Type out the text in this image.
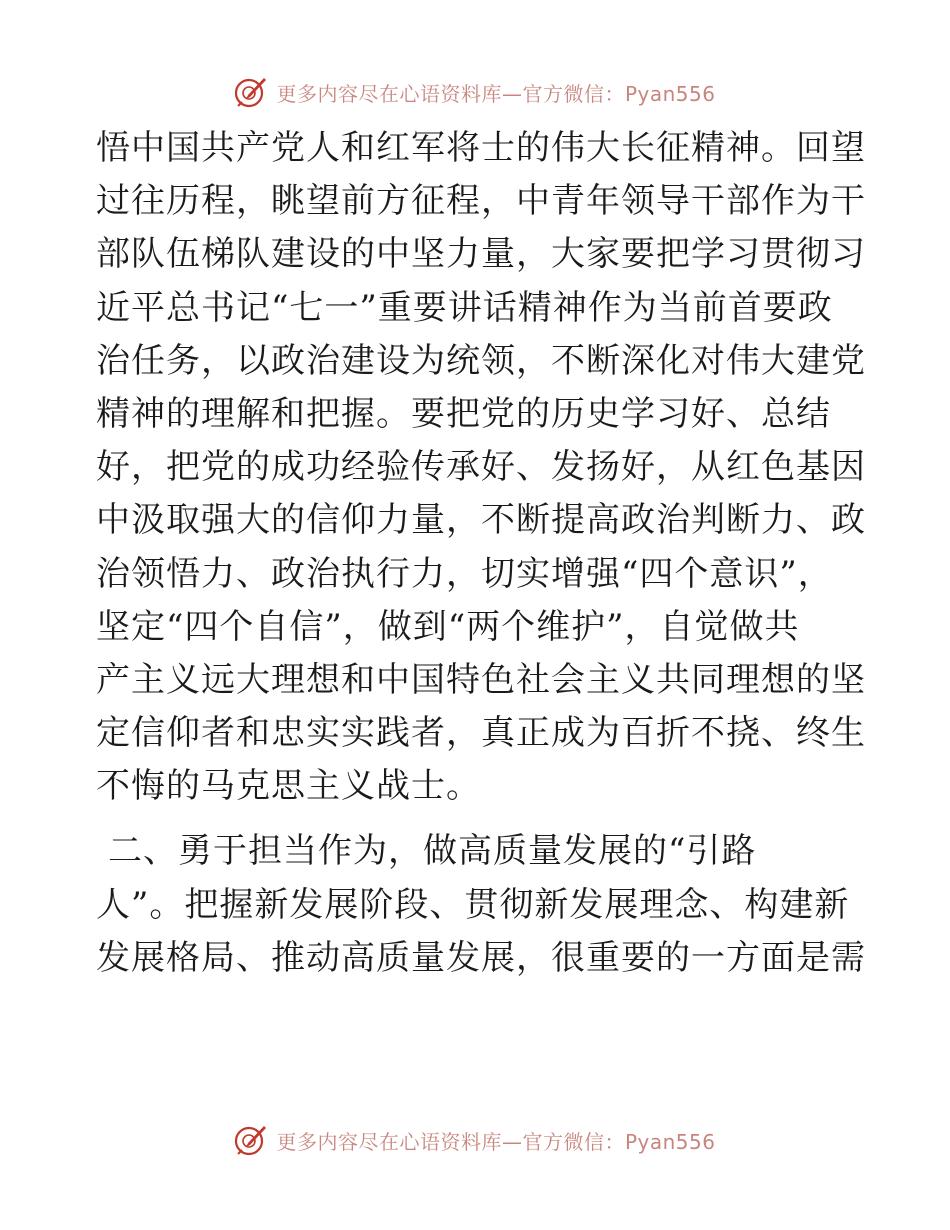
更多内容尽在心语资料库—官方微信：Pyan556
悟中国共产党人和红军将士的伟大长征精神。回望
过往历程，眺望前方征程，中青年领导干部作为干
部队伍梯队建设的中坚力量，大家要把学习贯彻习
近平总书记“七一”重要讲话精神作为当前首要政
治任务，以政治建设为统领，不断深化对伟大建党
精神的理解和把握。要把党的历史学习好、总结
好，把党的成功经验传承好、发扬好，从红色基因
中汲取强大的信仰力量，不断提高政治判断力、政
治领悟力、政治执行力，切实增强“四个意识”，
坚定“四个自信”，做到“两个维护”，自觉做共
产主义远大理想和中国特色社会主义共同理想的坚
定信仰者和忠实实践者，真正成为百折不挠、终生
不悔的马克思主义战士。
二、勇于担当作为，做高质量发展的“引路
人”。把握新发展阶段、贯彻新发展理念、构建新
发展格局、推动高质量发展，很重要的一方面是需
更多内容尽在心语资料库—官方微信：Pyan556
